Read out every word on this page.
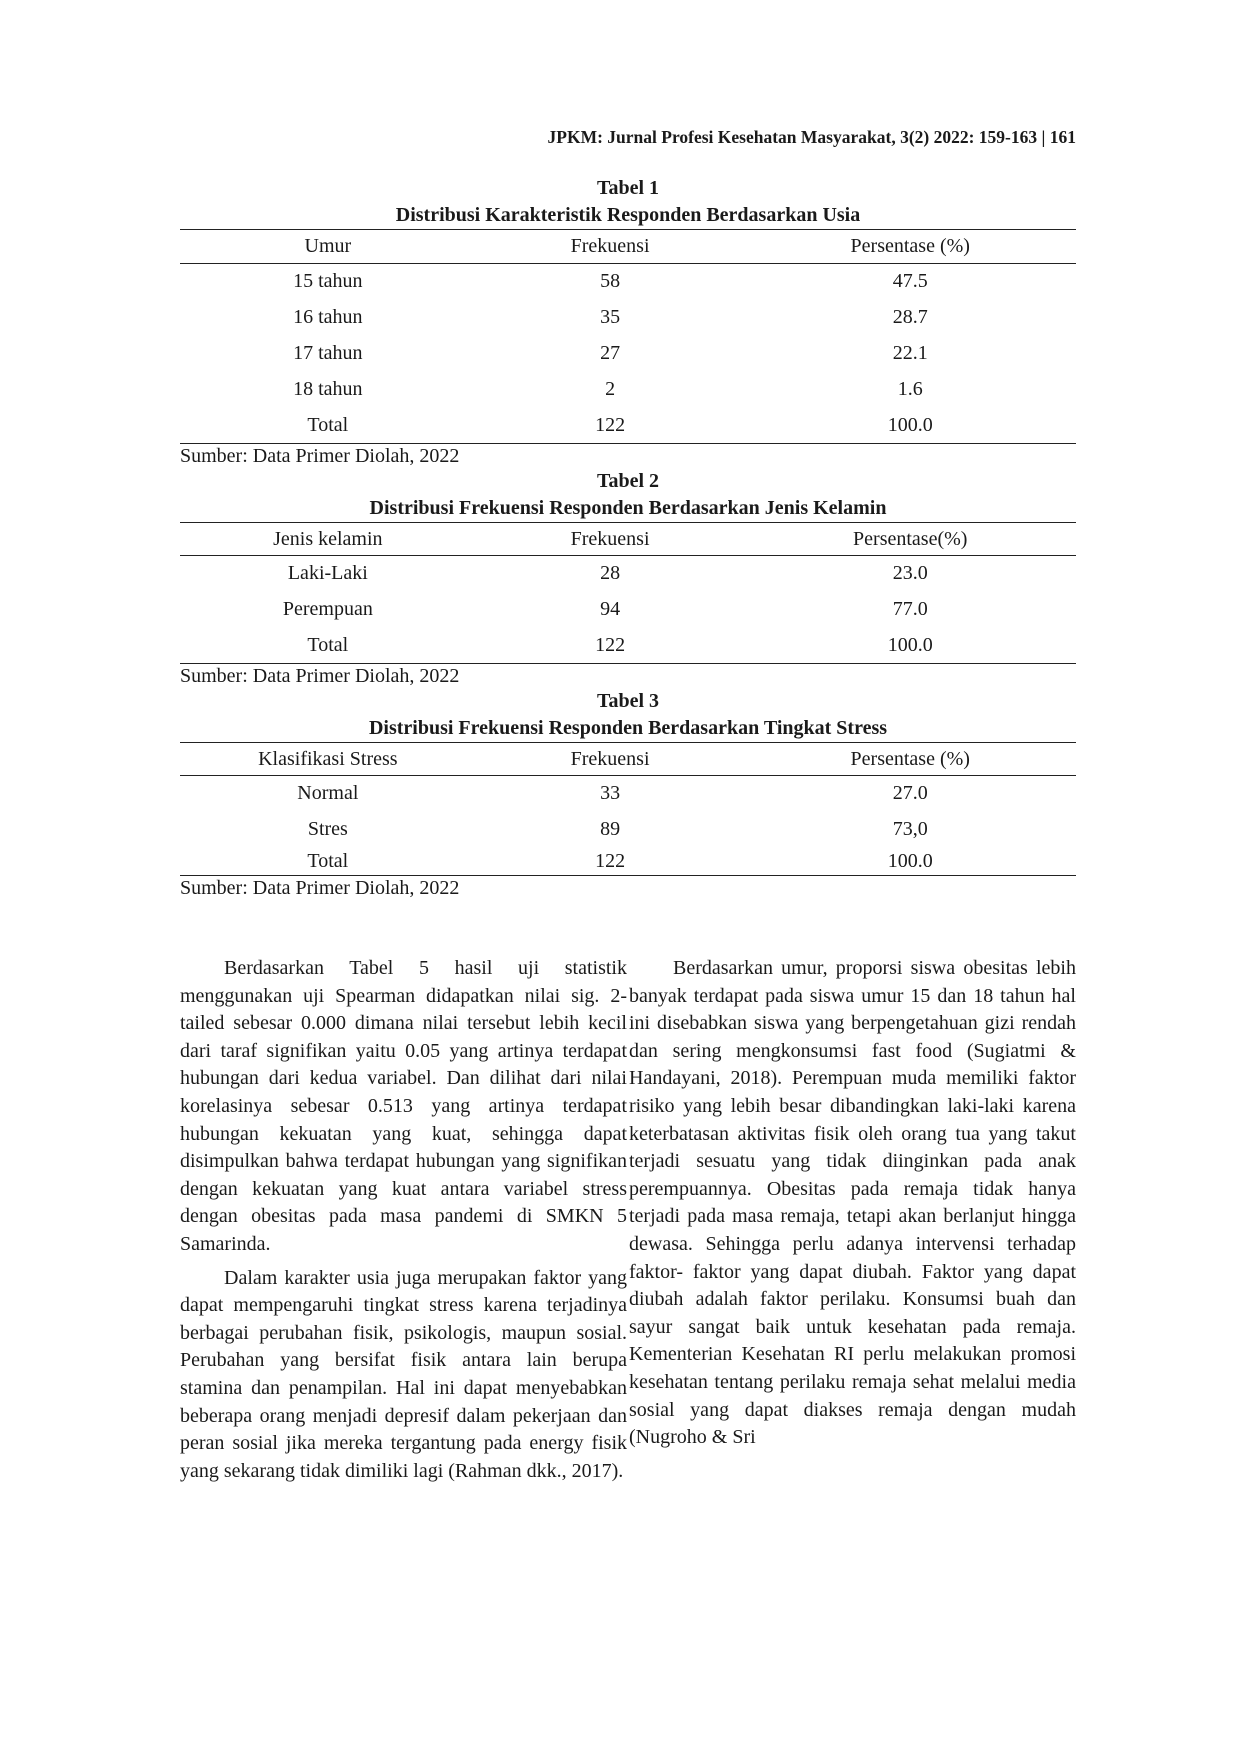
JPKM: Jurnal Profesi Kesehatan Masyarakat, 3(2) 2022: 159-163 | 161
Tabel 1
Distribusi Karakteristik Responden Berdasarkan Usia
Umur	Frekuensi	Persentase (%)
15 tahun	58	47.5
16 tahun	35	28.7
17 tahun	27	22.1
18 tahun	2	1.6
Total	122	100.0
Sumber: Data Primer Diolah, 2022
Tabel 2
Distribusi Frekuensi Responden Berdasarkan Jenis Kelamin
Jenis kelamin	Frekuensi	Persentase(%)
Laki-Laki	28	23.0
Perempuan	94	77.0
Total	122	100.0
Sumber: Data Primer Diolah, 2022
Tabel 3
Distribusi Frekuensi Responden Berdasarkan Tingkat Stress
Klasifikasi Stress	Frekuensi	Persentase (%)
Normal	33	27.0
Stres	89	73,0
Total	122	100.0
Sumber: Data Primer Diolah, 2022

Berdasarkan Tabel 5 hasil uji statistik menggunakan uji Spearman didapatkan nilai sig. 2-tailed sebesar 0.000 dimana nilai tersebut lebih kecil dari taraf signifikan yaitu 0.05 yang artinya terdapat hubungan dari kedua variabel. Dan dilihat dari nilai korelasinya sebesar 0.513 yang artinya terdapat hubungan kekuatan yang kuat, sehingga dapat disimpulkan bahwa terdapat hubungan yang signifikan dengan kekuatan yang kuat antara variabel stress dengan obesitas pada masa pandemi di SMKN 5 Samarinda.

Dalam karakter usia juga merupakan faktor yang dapat mempengaruhi tingkat stress karena terjadinya berbagai perubahan fisik, psikologis, maupun sosial. Perubahan yang bersifat fisik antara lain berupa stamina dan penampilan. Hal ini dapat menyebabkan beberapa orang menjadi depresif dalam pekerjaan dan peran sosial jika mereka tergantung pada energy fisik yang sekarang tidak dimiliki lagi (Rahman dkk., 2017).

Berdasarkan umur, proporsi siswa obesitas lebih banyak terdapat pada siswa umur 15 dan 18 tahun hal ini disebabkan siswa yang berpengetahuan gizi rendah dan sering mengkonsumsi fast food (Sugiatmi & Handayani, 2018). Perempuan muda memiliki faktor risiko yang lebih besar dibandingkan laki-laki karena keterbatasan aktivitas fisik oleh orang tua yang takut terjadi sesuatu yang tidak diinginkan pada anak perempuannya. Obesitas pada remaja tidak hanya terjadi pada masa remaja, tetapi akan berlanjut hingga dewasa. Sehingga perlu adanya intervensi terhadap faktor- faktor yang dapat diubah. Faktor yang dapat diubah adalah faktor perilaku. Konsumsi buah dan sayur sangat baik untuk kesehatan pada remaja. Kementerian Kesehatan RI perlu melakukan promosi kesehatan tentang perilaku remaja sehat melalui media sosial yang dapat diakses remaja dengan mudah (Nugroho & Sri
